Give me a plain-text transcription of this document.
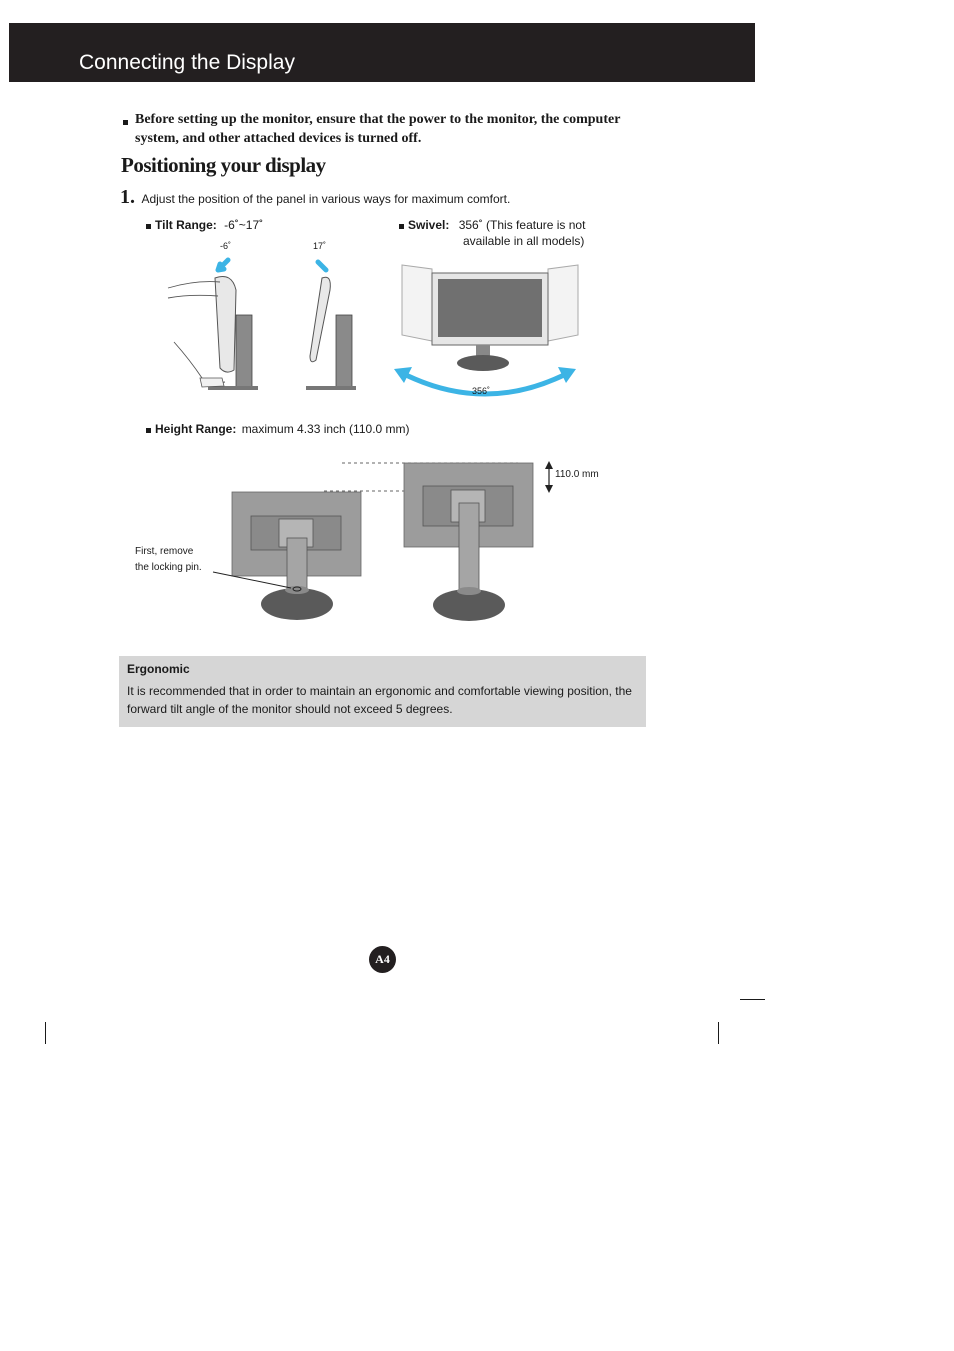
Connecting the Display
Before setting up the monitor, ensure that the power to the monitor, the computer system, and other attached devices is turned off.
Positioning your display
1. Adjust the position of the panel in various ways for maximum comfort.
Tilt Range: -6˚~17˚	Swivel: 356˚ (This feature is not
available in all models)
-6˚	17˚
356˚
Height Range: maximum 4.33 inch (110.0 mm)
110.0 mm
First, remove
the locking pin.
Ergonomic
It is recommended that in order to maintain an ergonomic and comfortable viewing position, the forward tilt angle of the monitor should not exceed 5 degrees.
A4
